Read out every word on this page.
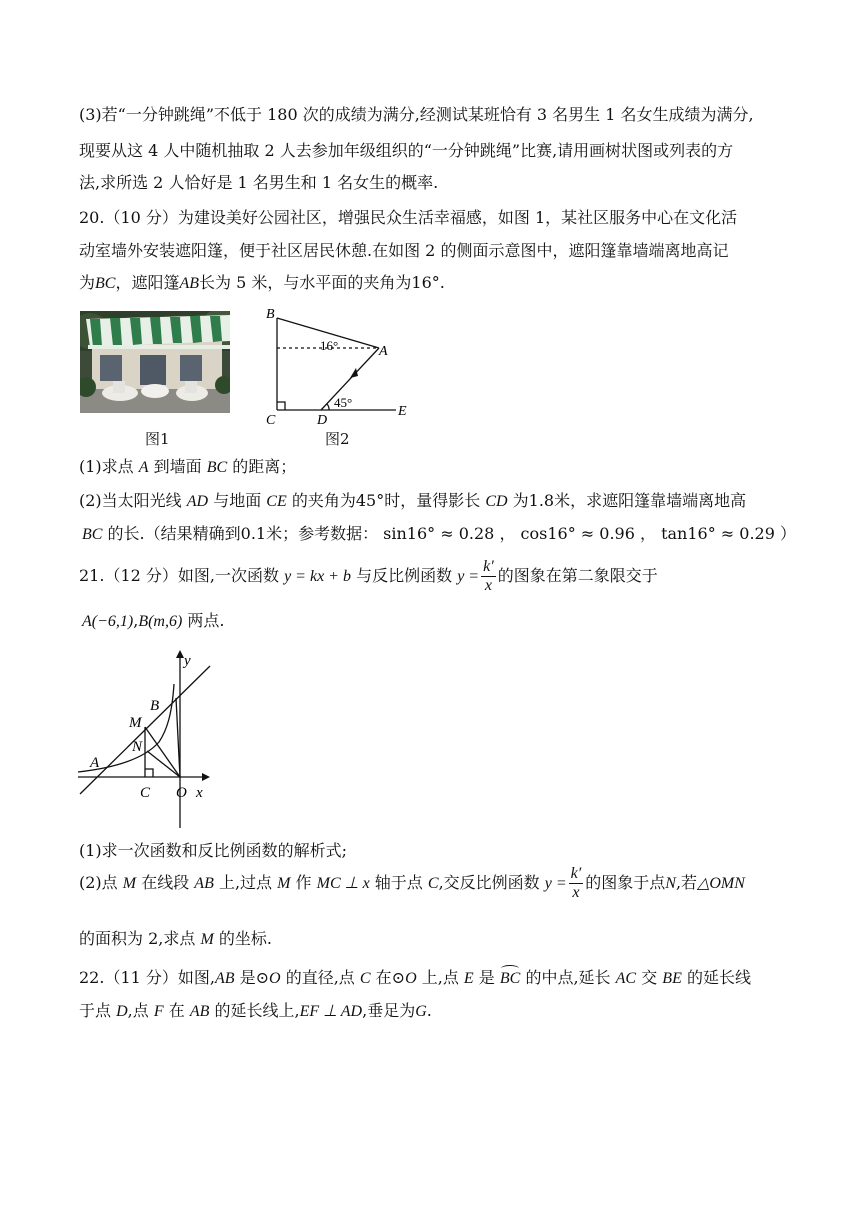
(3)若“一分钟跳绳”不低于 180 次的成绩为满分,经测试某班恰有 3 名男生 1 名女生成绩为满分,
现要从这 4 人中随机抽取 2 人去参加年级组织的“一分钟跳绳”比赛,请用画树状图或列表的方
法,求所选 2 人恰好是 1 名男生和 1 名女生的概率.
20.（10 分）为建设美好公园社区，增强民众生活幸福感，如图 1，某社区服务中心在文化活
动室墙外安装遮阳篷，便于社区居民休憩.在如图 2 的侧面示意图中，遮阳篷靠墙端离地高记
为BC，遮阳篷AB长为 5 米，与水平面的夹角为16°.
图1
B
A
C	D
E
16°
45°
图2
(1)求点 A 到墙面 BC 的距离；
(2)当太阳光线 AD 与地面 CE 的夹角为45°时，量得影长 CD 为1.8米，求遮阳篷靠墙端离地高
BC 的长.（结果精确到0.1米；参考数据： sin16° ≈ 0.28 ， cos16° ≈ 0.96 ， tan16° ≈ 0.29 ）
21.（12 分）如图,一次函数 y = kx + b 与反比例函数 $y = \frac{k'}{x}$ 的图象在第二象限交于
A(−6,1),B(m,6) 两点.
y
x
O
A
B
M
N
C
(1)求一次函数和反比例函数的解析式;
(2)点 M 在线段 AB 上,过点 M 作 MC ⊥ x 轴于点 C,交反比例函数 $y = \frac{k'}{x}$ 的图象于点N,若△OMN
的面积为 2,求点 M 的坐标.
22.（11 分）如图,AB 是⊙O 的直径,点 C 在⊙O 上,点 E 是 BC 的中点,延长 AC 交 BE 的延长线
于点 D,点 F 在 AB 的延长线上,EF ⊥ AD,垂足为G.
